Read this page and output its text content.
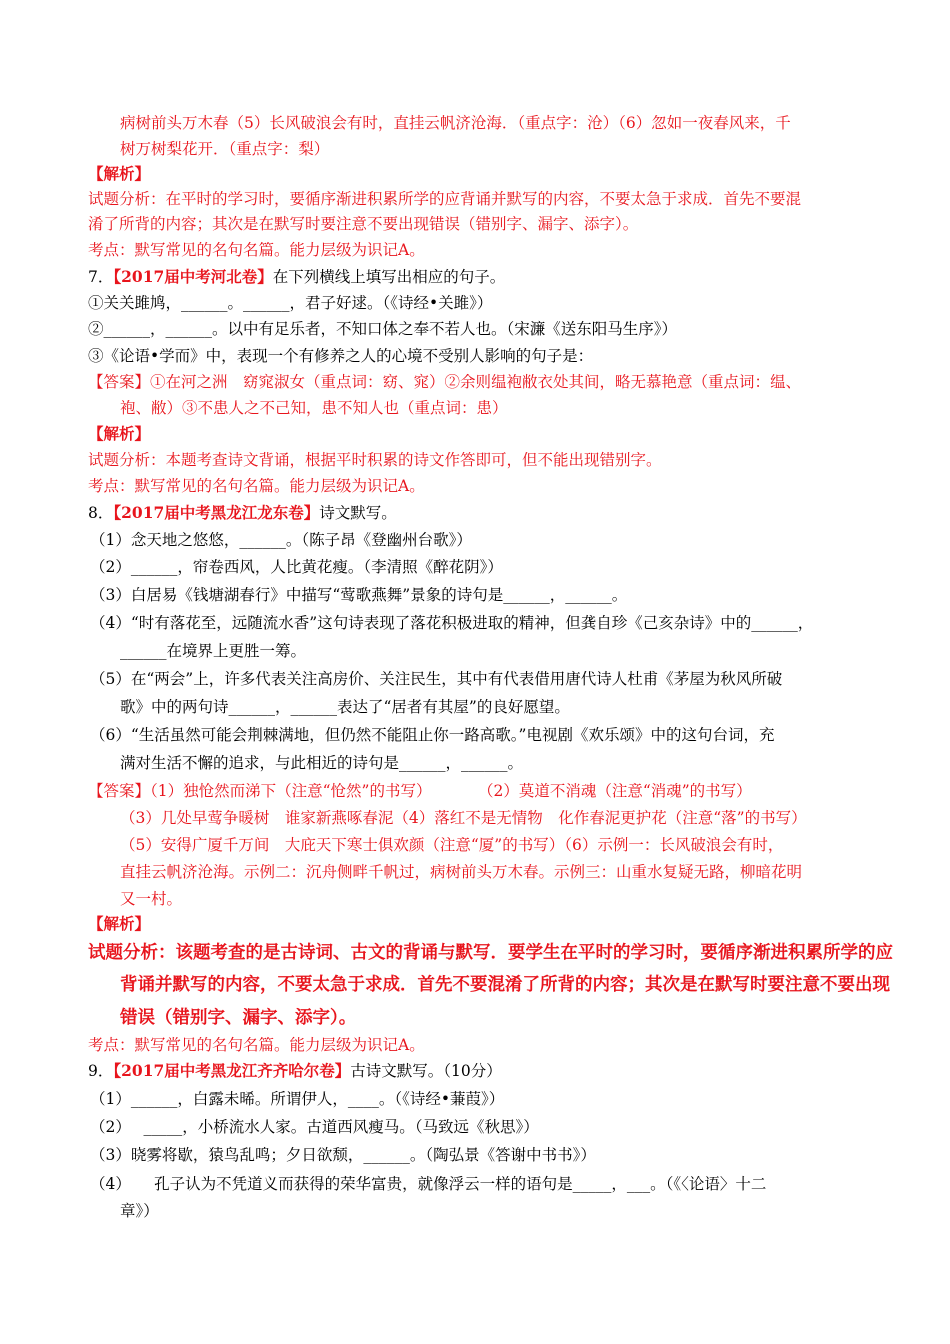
病树前头万木春（5）长风破浪会有时，直挂云帆济沧海．（重点字：沧）（6）忽如一夜春风来，千
树万树梨花开．（重点字：梨）
【解析】
试题分析：在平时的学习时，要循序渐进积累所学的应背诵并默写的内容，不要太急于求成．首先不要混
淆了所背的内容；其次是在默写时要注意不要出现错误（错别字、漏字、添字）。
考点：默写常见的名句名篇。能力层级为识记A。
7．【2017届中考河北卷】在下列横线上填写出相应的句子。
①关关雎鸠，______。______，君子好逑。（《诗经•关雎》）
②______，______。以中有足乐者，不知口体之奉不若人也。（宋濂《送东阳马生序》）
③《论语•学而》中，表现一个有修养之人的心境不受别人影响的句子是：
【答案】①在河之洲　窈窕淑女（重点词：窈、窕）②余则缊袍敝衣处其间，略无慕艳意（重点词：缊、
袍、敝）③不患人之不己知，患不知人也（重点词：患）
【解析】
试题分析：本题考查诗文背诵，根据平时积累的诗文作答即可，但不能出现错别字。
考点：默写常见的名句名篇。能力层级为识记A。
8．【2017届中考黑龙江龙东卷】诗文默写。
（1）念天地之悠悠，______。（陈子昂《登幽州台歌》）
（2）______，帘卷西风，人比黄花瘦。（李清照《醉花阴》）
（3）白居易《钱塘湖春行》中描写“莺歌燕舞”景象的诗句是______，______。
（4）“时有落花至，远随流水香”这句诗表现了落花积极进取的精神，但龚自珍《己亥杂诗》中的______，
______在境界上更胜一筹。
（5）在“两会”上，许多代表关注高房价、关注民生，其中有代表借用唐代诗人杜甫《茅屋为秋风所破
歌》中的两句诗______，______表达了“居者有其屋”的良好愿望。
（6）“生活虽然可能会荆棘满地，但仍然不能阻止你一路高歌。”电视剧《欢乐颂》中的这句台词，充
满对生活不懈的追求，与此相近的诗句是______，______。
【答案】（1）独怆然而涕下（注意“怆然”的书写）　　　　（2）莫道不消魂（注意“消魂”的书写）
（3）几处早莺争暖树　谁家新燕啄春泥（4）落红不是无情物　化作春泥更护花（注意“落”的书写）
（5）安得广厦千万间　大庇天下寒士俱欢颜（注意“厦”的书写）（6）示例一：长风破浪会有时，
直挂云帆济沧海。示例二：沉舟侧畔千帆过，病树前头万木春。示例三：山重水复疑无路，柳暗花明
又一村。
【解析】
试题分析：该题考查的是古诗词、古文的背诵与默写．要学生在平时的学习时，要循序渐进积累所学的应
背诵并默写的内容，不要太急于求成．首先不要混淆了所背的内容；其次是在默写时要注意不要出现
错误（错别字、漏字、添字）。
考点：默写常见的名句名篇。能力层级为识记A。
9．【2017届中考黑龙江齐齐哈尔卷】古诗文默写。（10分）
（1）______，白露未晞。所谓伊人，____。（《诗经•蒹葭》）
（2）　 _____，小桥流水人家。古道西风瘦马。（马致远《秋思》）
（3）晓雾将歇，猿鸟乱鸣；夕日欲颓，______。（陶弘景《答谢中书书》）
（4）　　孔子认为不凭道义而获得的荣华富贵，就像浮云一样的语句是_____，___。（《〈论语〉十二
章》）
